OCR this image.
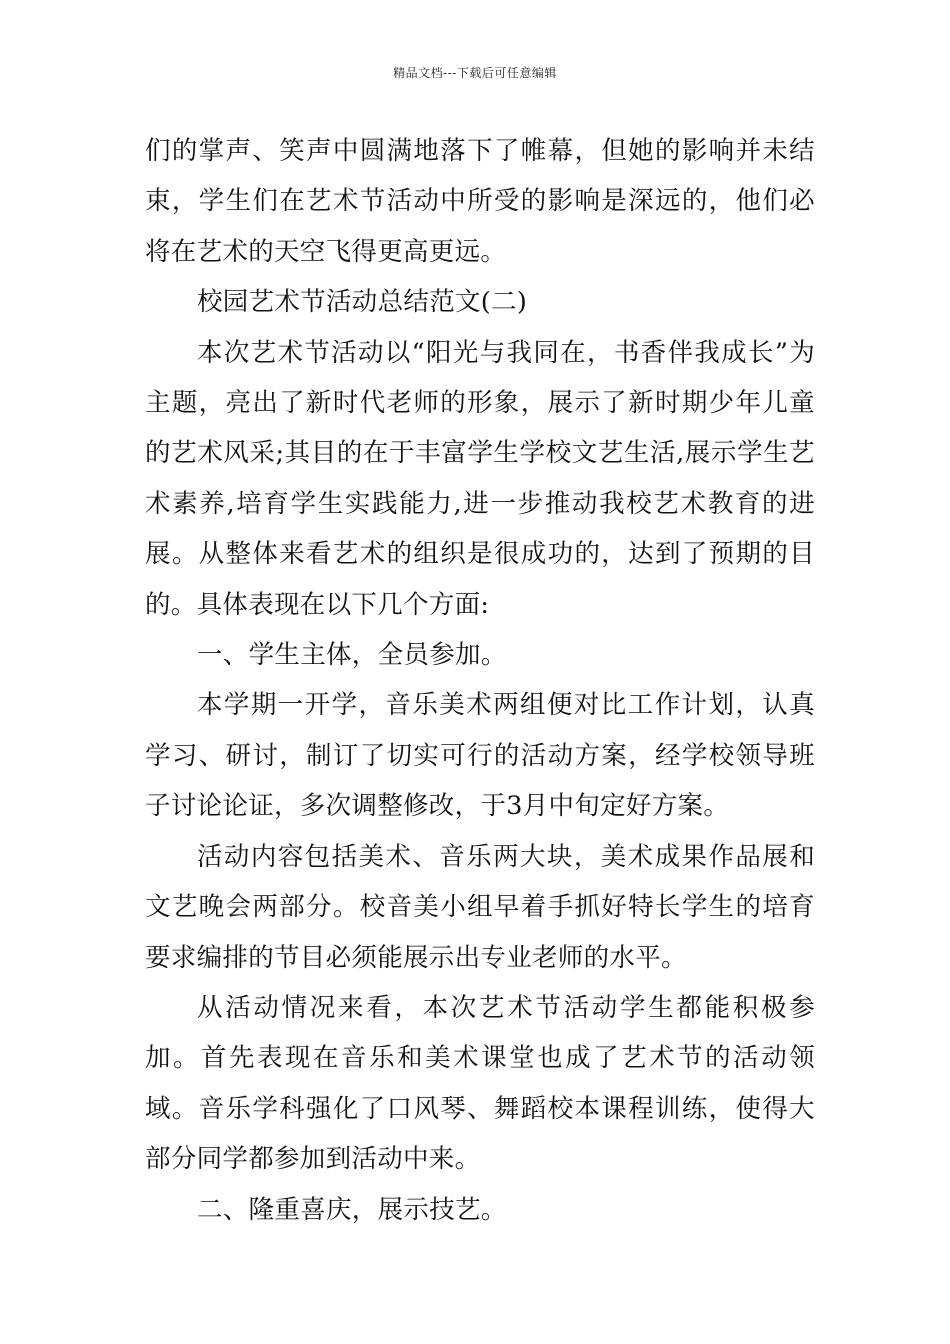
精品文档---下载后可任意编辑

们的掌声、笑声中圆满地落下了帷幕，但她的影响并未结束，学生们在艺术节活动中所受的影响是深远的，他们必将在艺术的天空飞得更高更远。

校园艺术节活动总结范文(二)

本次艺术节活动以“阳光与我同在，书香伴我成长”为主题，亮出了新时代老师的形象，展示了新时期少年儿童的艺术风采;其目的在于丰富学生学校文艺生活,展示学生艺术素养,培育学生实践能力,进一步推动我校艺术教育的进展。从整体来看艺术的组织是很成功的，达到了预期的目的。具体表现在以下几个方面:

一、学生主体，全员参加。

本学期一开学，音乐美术两组便对比工作计划，认真学习、研讨，制订了切实可行的活动方案，经学校领导班子讨论论证，多次调整修改，于3月中旬定好方案。

活动内容包括美术、音乐两大块，美术成果作品展和文艺晚会两部分。校音美小组早着手抓好特长学生的培育要求编排的节目必须能展示出专业老师的水平。

从活动情况来看，本次艺术节活动学生都能积极参加。首先表现在音乐和美术课堂也成了艺术节的活动领域。音乐学科强化了口风琴、舞蹈校本课程训练，使得大部分同学都参加到活动中来。

二、隆重喜庆，展示技艺。
